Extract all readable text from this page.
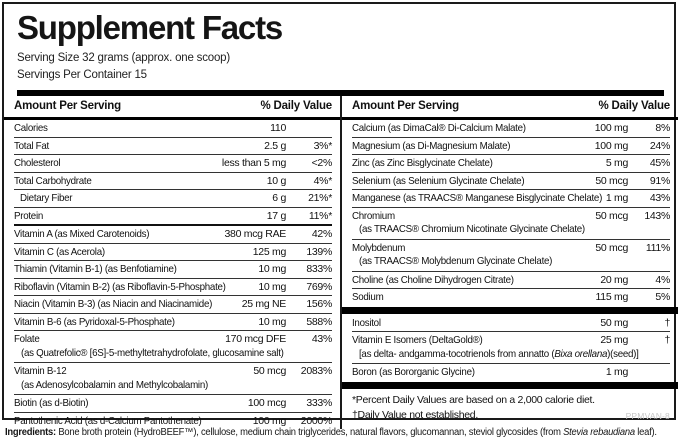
Supplement Facts
Serving Size 32 grams (approx. one scoop)
Servings Per Container 15
Amount Per Serving	% Daily Value
Calories	110
Total Fat	2.5 g	3%*
Cholesterol	less than 5 mg	<2%
Total Carbohydrate	10 g	4%*
Dietary Fiber	6 g	21%*
Protein	17 g	11%*
Vitamin A (as Mixed Carotenoids)	380 mcg RAE	42%
Vitamin C (as Acerola)	125 mg	139%
Thiamin (Vitamin B-1) (as Benfotiamine)	10 mg	833%
Riboflavin (Vitamin B-2) (as Riboflavin-5-Phosphate)	10 mg	769%
Niacin (Vitamin B-3) (as Niacin and Niacinamide)	25 mg NE	156%
Vitamin B-6 (as Pyridoxal-5-Phosphate)	10 mg	588%
Folate	170 mcg DFE	43%
(as Quatrefolic® [6S]-5-methyltetrahydrofolate, glucosamine salt)
Vitamin B-12	50 mcg	2083%
(as Adenosylcobalamin and Methylcobalamin)
Biotin (as d-Biotin)	100 mcg	333%
Pantothenic Acid (as d-Calcium Pantothenate)	100 mg	2000%
Amount Per Serving	% Daily Value
Calcium (as DimaCal® Di-Calcium Malate)	100 mg	8%
Magnesium (as Di-Magnesium Malate)	100 mg	24%
Zinc (as Zinc Bisglycinate Chelate)	5 mg	45%
Selenium (as Selenium Glycinate Chelate)	50 mcg	91%
Manganese (as TRAACS® Manganese Bisglycinate Chelate) 1 mg	43%
Chromium	50 mcg	143%
(as TRAACS® Chromium Nicotinate Glycinate Chelate)
Molybdenum	50 mcg	111%
(as TRAACS® Molybdenum Glycinate Chelate)
Choline (as Choline Dihydrogen Citrate)	20 mg	4%
Sodium	115 mg	5%
Inositol	50 mg	†
Vitamin E Isomers (DeltaGold®)	25 mg	†
[as delta- andgamma-tocotrienols from annatto (Bixa orellana)(seed)]
Boron (as Bororganic Glycine)	1 mg
*Percent Daily Values are based on a 2,000 calorie diet.
†Daily Value not established.	PPMVAN-8
Ingredients: Bone broth protein (HydroBEEF™), cellulose, medium chain triglycerides, natural flavors, glucomannan, steviol glycosides (from Stevia rebaudiana leaf).
